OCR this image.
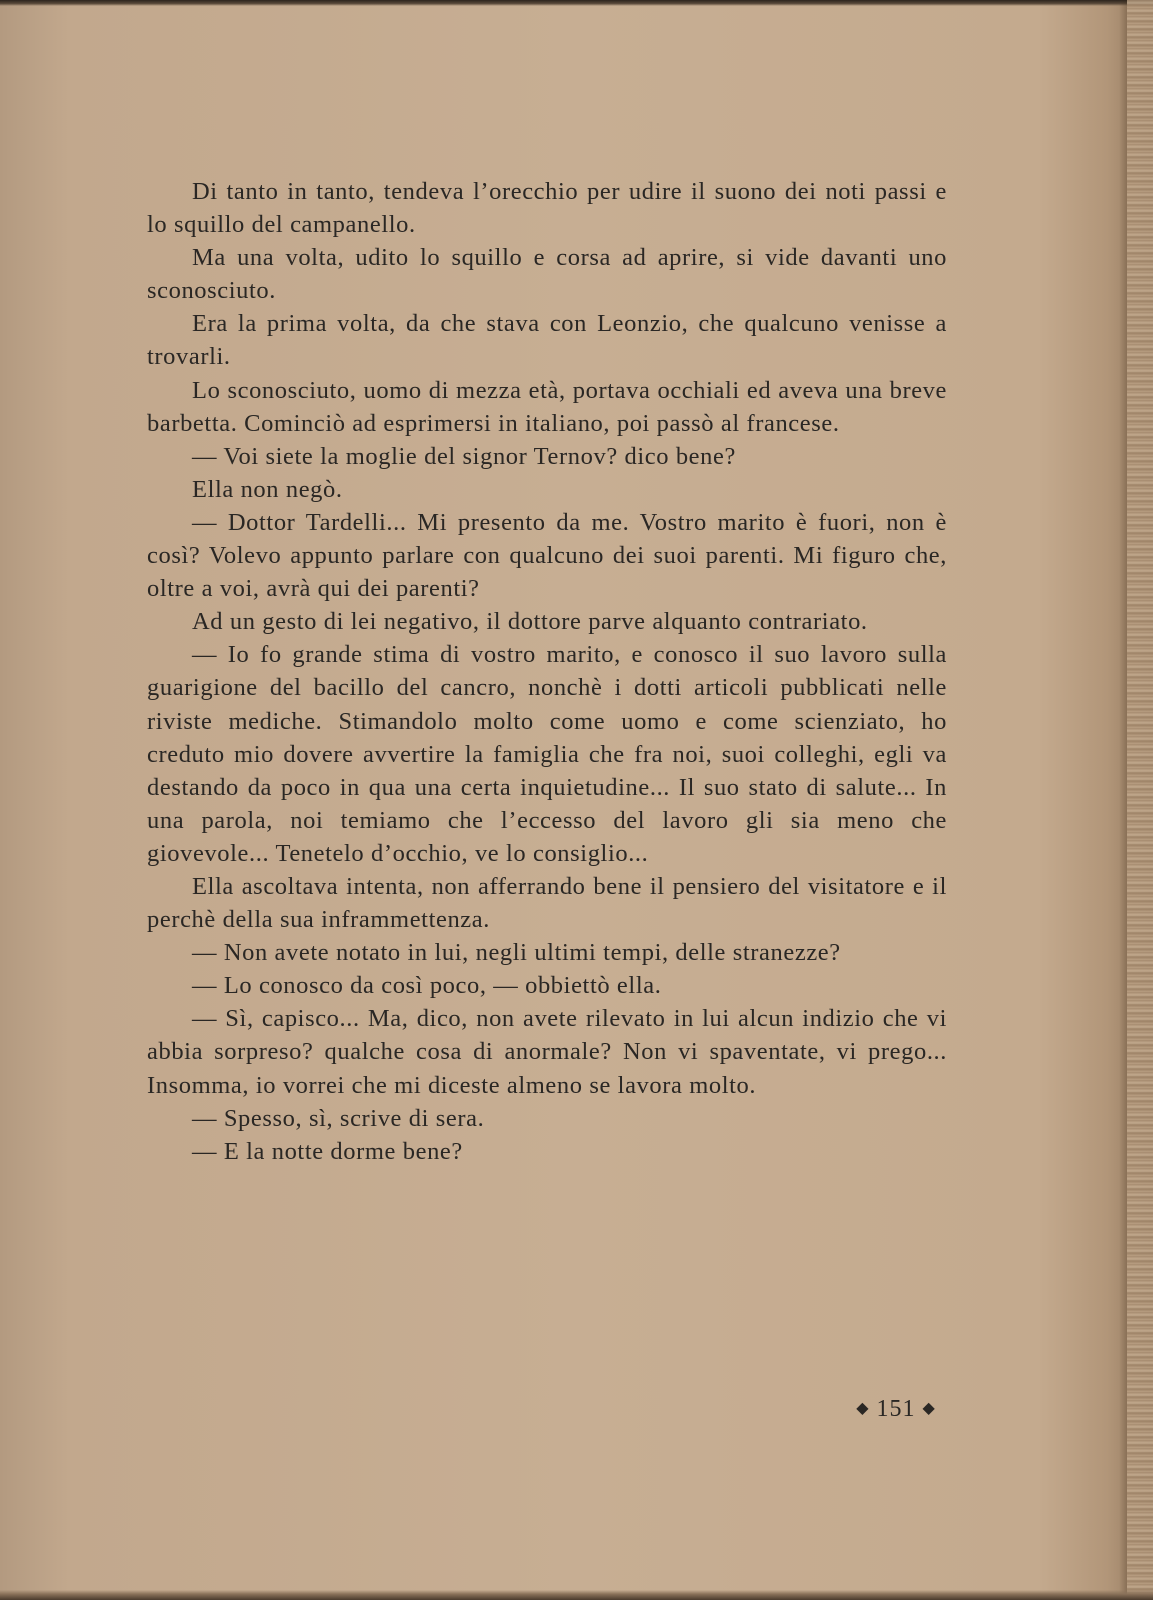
Di tanto in tanto, tendeva l’orecchio per udire il suono dei noti passi e lo squillo del campanello.

Ma una volta, udito lo squillo e corsa ad aprire, si vide davanti uno sconosciuto.

Era la prima volta, da che stava con Leonzio, che qualcuno venisse a trovarli.

Lo sconosciuto, uomo di mezza età, portava occhiali ed aveva una breve barbetta. Cominciò ad esprimersi in italiano, poi passò al francese.

— Voi siete la moglie del signor Ternov? dico bene?

Ella non negò.

— Dottor Tardelli... Mi presento da me. Vostro marito è fuori, non è così? Volevo appunto parlare con qualcuno dei suoi parenti. Mi figuro che, oltre a voi, avrà qui dei parenti?

Ad un gesto di lei negativo, il dottore parve alquanto contrariato.

— Io fo grande stima di vostro marito, e conosco il suo lavoro sulla guarigione del bacillo del cancro, nonchè i dotti articoli pubblicati nelle riviste mediche. Stimandolo molto come uomo e come scienziato, ho creduto mio dovere avvertire la famiglia che fra noi, suoi colleghi, egli va destando da poco in qua una certa inquietudine... Il suo stato di salute... In una parola, noi temiamo che l’eccesso del lavoro gli sia meno che giovevole... Tenetelo d’occhio, ve lo consiglio...

Ella ascoltava intenta, non afferrando bene il pensiero del visitatore e il perchè della sua inframmettenza.

— Non avete notato in lui, negli ultimi tempi, delle stranezze?

— Lo conosco da così poco, — obbiettò ella.

— Sì, capisco... Ma, dico, non avete rilevato in lui alcun indizio che vi abbia sorpreso? qualche cosa di anormale? Non vi spaventate, vi prego... Insomma, io vorrei che mi diceste almeno se lavora molto.

— Spesso, sì, scrive di sera.

— E la notte dorme bene?

◆ 151 ◆
